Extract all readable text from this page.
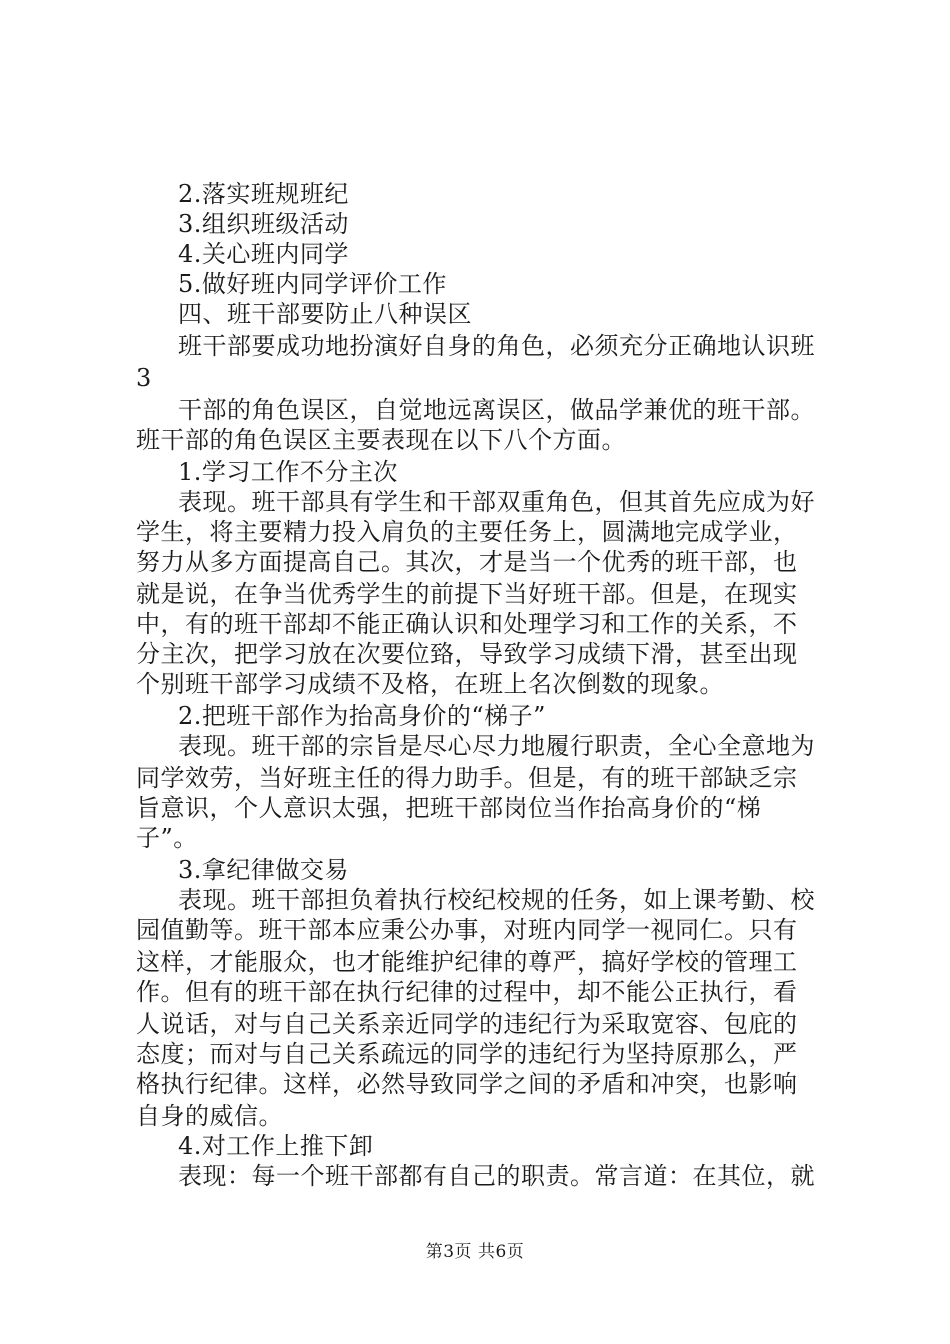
2.落实班规班纪
3.组织班级活动
4.关心班内同学
5.做好班内同学评价工作
四、班干部要防止八种误区
班干部要成功地扮演好自身的角色，必须充分正确地认识班
3
干部的角色误区，自觉地远离误区，做品学兼优的班干部。
班干部的角色误区主要表现在以下八个方面。
1.学习工作不分主次
表现。班干部具有学生和干部双重角色，但其首先应成为好
学生，将主要精力投入肩负的主要任务上，圆满地完成学业，
努力从多方面提高自己。其次，才是当一个优秀的班干部，也
就是说，在争当优秀学生的前提下当好班干部。但是，在现实
中，有的班干部却不能正确认识和处理学习和工作的关系，不
分主次，把学习放在次要位臵，导致学习成绩下滑，甚至出现
个别班干部学习成绩不及格，在班上名次倒数的现象。
2.把班干部作为抬高身价的“梯子”
表现。班干部的宗旨是尽心尽力地履行职责，全心全意地为
同学效劳，当好班主任的得力助手。但是，有的班干部缺乏宗
旨意识，个人意识太强，把班干部岗位当作抬高身价的“梯
子”。
3.拿纪律做交易
表现。班干部担负着执行校纪校规的任务，如上课考勤、校
园值勤等。班干部本应秉公办事，对班内同学一视同仁。只有
这样，才能服众，也才能维护纪律的尊严，搞好学校的管理工
作。但有的班干部在执行纪律的过程中，却不能公正执行，看
人说话，对与自己关系亲近同学的违纪行为采取宽容、包庇的
态度；而对与自己关系疏远的同学的违纪行为坚持原那么，严
格执行纪律。这样，必然导致同学之间的矛盾和冲突，也影响
自身的威信。
4.对工作上推下卸
表现：每一个班干部都有自己的职责。常言道：在其位，就
第3页 共6页
